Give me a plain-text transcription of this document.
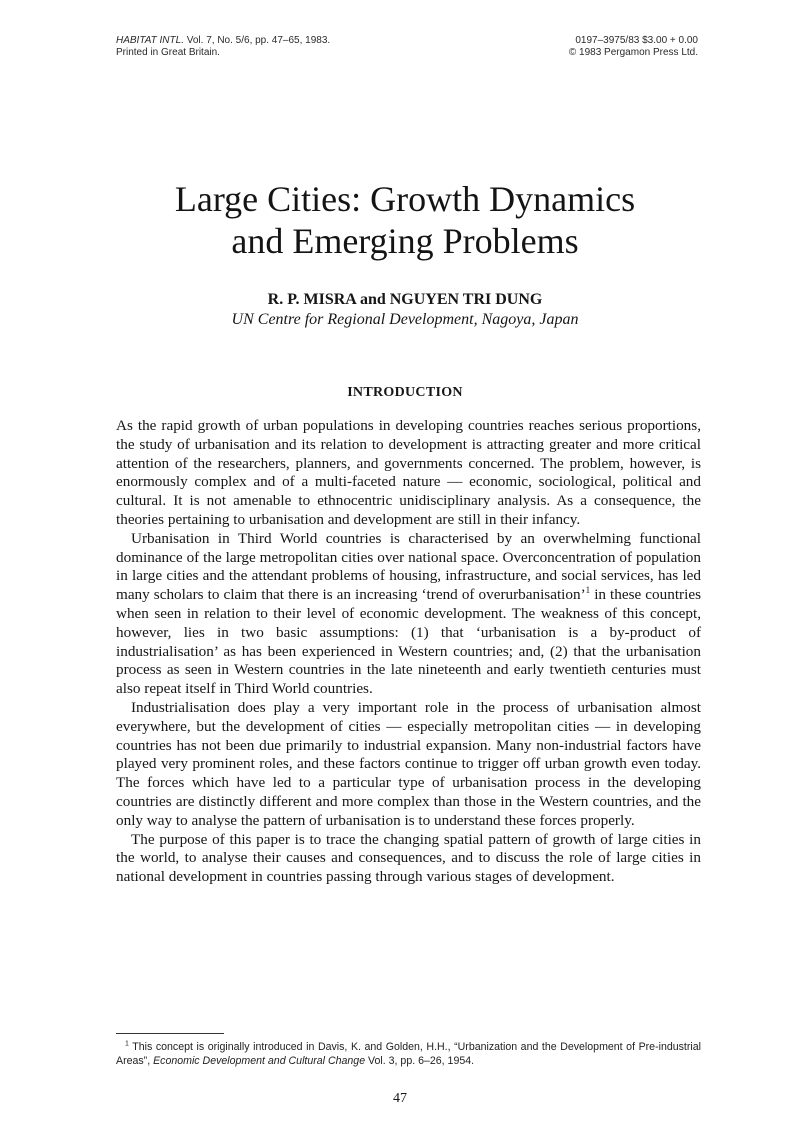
HABITAT INTL. Vol. 7, No. 5/6, pp. 47–65, 1983.
Printed in Great Britain.
0197–3975/83 $3.00 + 0.00
© 1983 Pergamon Press Ltd.
Large Cities: Growth Dynamics
and Emerging Problems
R. P. MISRA and NGUYEN TRI DUNG
UN Centre for Regional Development, Nagoya, Japan
INTRODUCTION

As the rapid growth of urban populations in developing countries reaches serious proportions, the study of urbanisation and its relation to development is attracting greater and more critical attention of the researchers, planners, and governments concerned. The problem, however, is enormously complex and of a multi-faceted nature — economic, sociological, political and cultural. It is not amenable to ethnocentric unidisciplinary analysis. As a consequence, the theories pertaining to urbanisation and development are still in their infancy.

Urbanisation in Third World countries is characterised by an overwhelming functional dominance of the large metropolitan cities over national space. Overconcentration of population in large cities and the attendant problems of housing, infrastructure, and social services, has led many scholars to claim that there is an increasing ‘trend of overurbanisation’$^1$ in these countries when seen in relation to their level of economic development. The weakness of this concept, however, lies in two basic assumptions: (1) that ‘urbanisation is a by-product of industrialisation’ as has been experienced in Western countries; and, (2) that the urbanisation process as seen in Western countries in the late nineteenth and early twentieth centuries must also repeat itself in Third World countries.

Industrialisation does play a very important role in the process of urbanisation almost everywhere, but the development of cities — especially metropolitan cities — in developing countries has not been due primarily to industrial expansion. Many non-industrial factors have played very prominent roles, and these factors continue to trigger off urban growth even today. The forces which have led to a particular type of urbanisation process in the developing countries are distinctly different and more complex than those in the Western countries, and the only way to analyse the pattern of urbanisation is to understand these forces properly.

The purpose of this paper is to trace the changing spatial pattern of growth of large cities in the world, to analyse their causes and consequences, and to discuss the role of large cities in national development in countries passing through various stages of development.

$^1$ This concept is originally introduced in Davis, K. and Golden, H.H., “Urbanization and the Development of Pre-industrial Areas”, Economic Development and Cultural Change Vol. 3, pp. 6–26, 1954.
47
